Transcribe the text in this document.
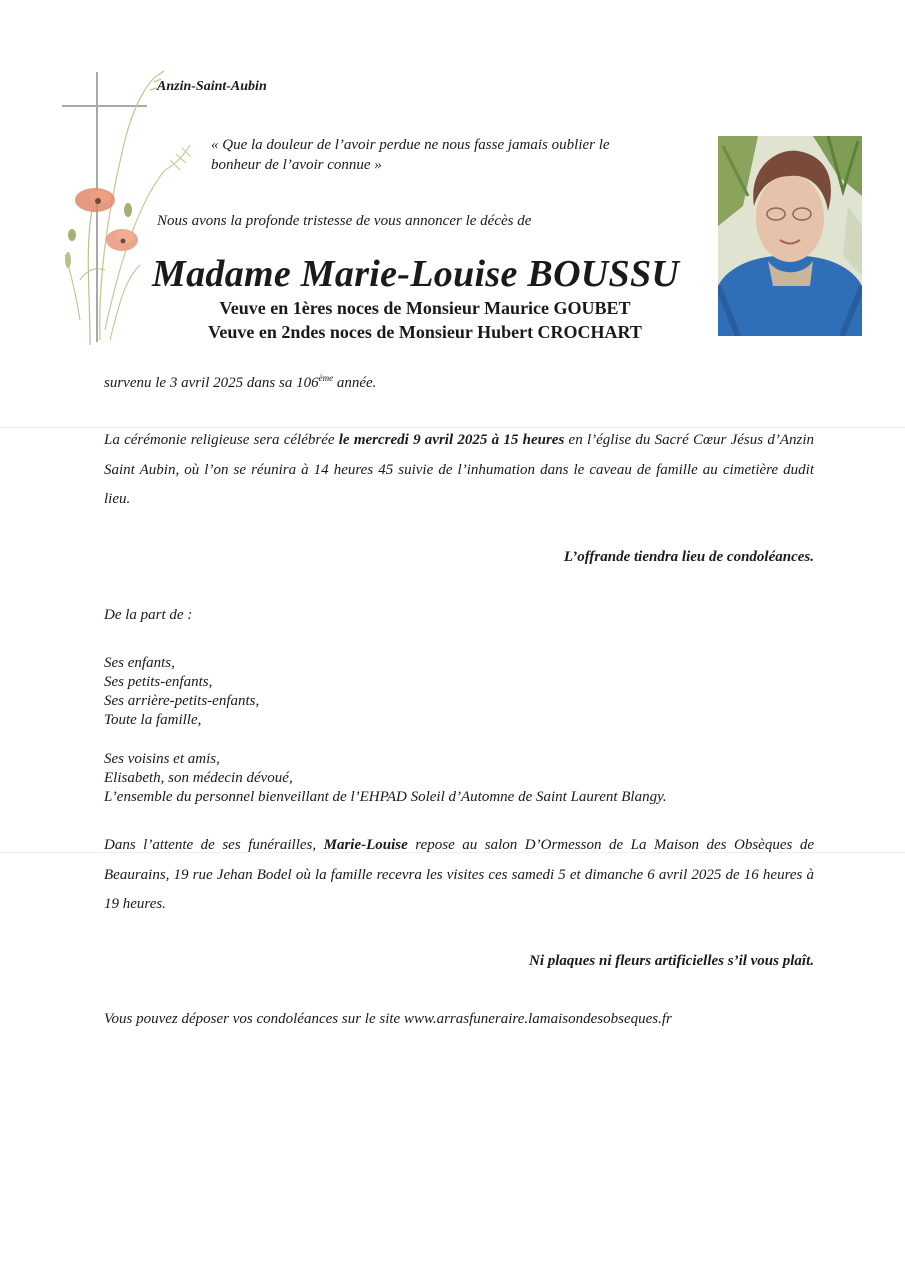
Anzin-Saint-Aubin
« Que la douleur de l’avoir perdue ne nous fasse jamais oublier le
bonheur de l’avoir connue »
Nous avons la profonde tristesse de vous annoncer le décès de
Madame Marie-Louise BOUSSU
Veuve en 1ères noces de Monsieur Maurice GOUBET
Veuve en 2ndes noces de Monsieur Hubert CROCHART
survenu le 3 avril 2025 dans sa 106ème année.
La cérémonie religieuse sera célébrée le mercredi 9 avril 2025 à 15 heures en l’église du Sacré Cœur Jésus d’Anzin Saint Aubin, où l’on se réunira à 14 heures 45 suivie de l’inhumation dans le caveau de famille au cimetière dudit lieu.
L’offrande tiendra lieu de condoléances.
De la part de :
Ses enfants,
Ses petits-enfants,
Ses arrière-petits-enfants,
Toute la famille,
Ses voisins et amis,
Elisabeth, son médecin dévoué,
L’ensemble du personnel bienveillant de l’EHPAD Soleil d’Automne de Saint Laurent Blangy.
Dans l’attente de ses funérailles, Marie-Louise repose au salon D’Ormesson de La Maison des Obsèques de Beaurains, 19 rue Jehan Bodel où la famille recevra les visites ces samedi 5 et dimanche 6 avril 2025 de 16 heures à 19 heures.
Ni plaques ni fleurs artificielles s’il vous plaît.
Vous pouvez déposer vos condoléances sur le site www.arrasfuneraire.lamaisondesobseques.fr
